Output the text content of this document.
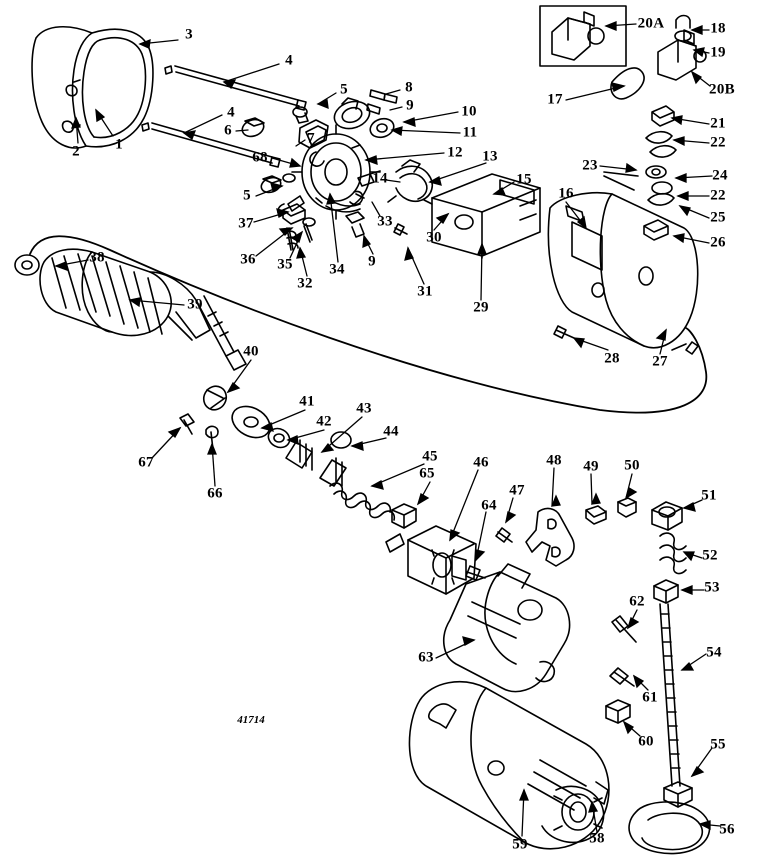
3
4
4
2 1
5	8
9	10
11
6	7
68	12 13
5
14	15
16
33
37
36 35 34
32
9
31
30
29
20A	18
19
17
20B
21
22
23
24
22
25
26
28 27
38
39
40
41
42
43
44
45
65
46
47
64
67
66
48 49 50
51
52
53
62
54
61
60
63
55
56
59	58
41714
